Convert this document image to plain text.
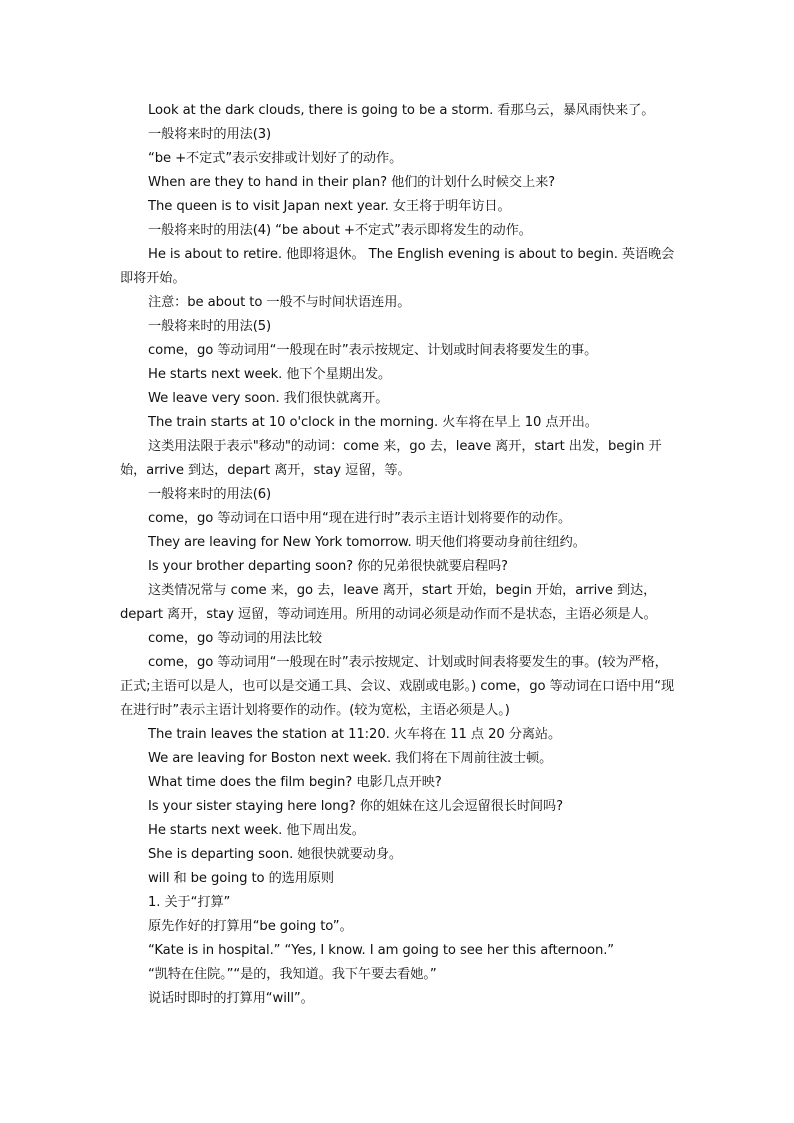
Look at the dark clouds, there is going to be a storm. 看那乌云，暴风雨快来了。

一般将来时的用法(3)

“be +不定式”表示安排或计划好了的动作。

When are they to hand in their plan? 他们的计划什么时候交上来?

The queen is to visit Japan next year. 女王将于明年访日。

一般将来时的用法(4) “be about +不定式”表示即将发生的动作。

He is about to retire. 他即将退休。 The English evening is about to begin. 英语晚会即将开始。

注意：be about to 一般不与时间状语连用。

一般将来时的用法(5)

come，go 等动词用“一般现在时”表示按规定、计划或时间表将要发生的事。

He starts next week. 他下个星期出发。

We leave very soon. 我们很快就离开。

The train starts at 10 o'clock in the morning. 火车将在早上 10 点开出。

这类用法限于表示"移动"的动词：come 来，go 去，leave 离开，start 出发，begin 开始，arrive 到达，depart 离开，stay 逗留，等。

一般将来时的用法(6)

come，go 等动词在口语中用“现在进行时”表示主语计划将要作的动作。

They are leaving for New York tomorrow. 明天他们将要动身前往纽约。

Is your brother departing soon? 你的兄弟很快就要启程吗?

这类情况常与 come 来，go 去，leave 离开，start 开始，begin 开始，arrive 到达，depart 离开，stay 逗留，等动词连用。所用的动词必须是动作而不是状态，主语必须是人。

come，go 等动词的用法比较

come，go 等动词用“一般现在时”表示按规定、计划或时间表将要发生的事。(较为严格，正式;主语可以是人，也可以是交通工具、会议、戏剧或电影。) come，go 等动词在口语中用“现在进行时”表示主语计划将要作的动作。(较为宽松，主语必须是人。)

The train leaves the station at 11:20. 火车将在 11 点 20 分离站。

We are leaving for Boston next week. 我们将在下周前往波士顿。

What time does the film begin? 电影几点开映?

Is your sister staying here long? 你的姐妹在这儿会逗留很长时间吗?

He starts next week. 他下周出发。

She is departing soon. 她很快就要动身。

will 和 be going to 的选用原则

1. 关于“打算”

原先作好的打算用“be going to”。

“Kate is in hospital.” “Yes, I know. I am going to see her this afternoon.”

“凯特在住院。”“是的，我知道。我下午要去看她。”

说话时即时的打算用“will”。
